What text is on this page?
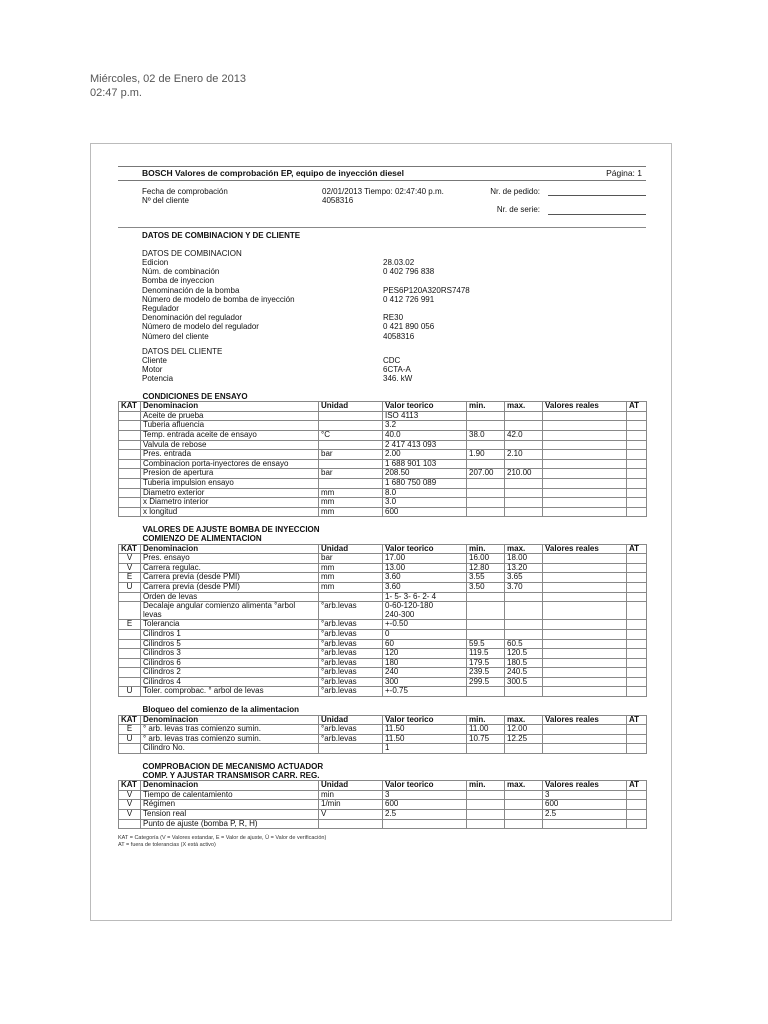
Miércoles, 02 de Enero de 2013
02:47 p.m.
BOSCH Valores de comprobación EP, equipo de inyección diesel	Página: 1
Fecha de comprobación
Nº del cliente
02/01/2013 Tiempo: 02:47:40 p.m.
4058316
Nr. de pedido:
Nr. de serie:
DATOS DE COMBINACION Y DE CLIENTE
DATOS DE COMBINACION
Edicion	28.03.02
Núm. de combinación	0 402 796 838
Bomba de inyeccion
Denominación de la bomba	PES6P120A320RS7478
Número de modelo de bomba de inyección	0 412 726 991
Regulador
Denominación del regulador	RE30
Número de modelo del regulador	0 421 890 056
Número del cliente	4058316
DATOS DEL CLIENTE
Cliente	CDC
Motor	6CTA-A
Potencia	346. kW
CONDICIONES DE ENSAYO							
KAT	Denominacion	Unidad	Valor teorico	min.	max.	Valores reales	AT
	Aceite de prueba		ISO 4113				
	Tuberia afluencia		3.2				
	Temp. entrada aceite de ensayo	°C	40.0	38.0	42.0		
	Valvula de rebose		2 417 413 093				
	Pres. entrada	bar	2.00	1.90	2.10		
	Combinacion porta-inyectores de ensayo		1 688 901 103				
	Presion de apertura	bar	208.50	207.00	210.00		
	Tuberia impulsion ensayo		1 680 750 089				
	Diametro exterior	mm	8.0				
	x Diametro interior	mm	3.0				
	x longitud	mm	600				
VALORES DE AJUSTE BOMBA DE INYECCION
COMIENZO DE ALIMENTACION							
KAT	Denominacion	Unidad	Valor teorico	min.	max.	Valores reales	AT
V	Pres. ensayo	bar	17.00	16.00	18.00		
V	Carrera regulac.	mm	13.00	12.80	13.20		
E	Carrera previa (desde PMI)	mm	3.60	3.55	3.65		
Ü	Carrera previa (desde PMI)	mm	3.60	3.50	3.70		
	Orden de levas		1- 5- 3- 6- 2- 4				
	Decalaje angular comienzo alimenta °arbol levas	°arb.levas	0-60-120-180
240-300				
E	Tolerancia	°arb.levas	+-0.50				
	Cilindros 1	°arb.levas	0				
	Cilindros 5	°arb.levas	60	59.5	60.5		
	Cilindros 3	°arb.levas	120	119.5	120.5		
	Cilindros 6	°arb.levas	180	179.5	180.5		
	Cilindros 2	°arb.levas	240	239.5	240.5		
	Cilindros 4	°arb.levas	300	299.5	300.5		
Ü	Toler. comprobac. ° arbol de levas	°arb.levas	+-0.75				
Bloqueo del comienzo de la alimentacion							
KAT	Denominacion	Unidad	Valor teorico	min.	max.	Valores reales	AT
E	° arb. levas tras comienzo sumin.	°arb.levas	11.50	11.00	12.00		
Ü	° arb. levas tras comienzo sumin.	°arb.levas	11.50	10.75	12.25		
	Cilindro No.		1				
COMPROBACION DE MECANISMO ACTUADOR
COMP. Y AJUSTAR TRANSMISOR CARR. REG.							
KAT	Denominacion	Unidad	Valor teorico	min.	max.	Valores reales	AT
V	Tiempo de calentamiento	min	3			3	
V	Régimen	1/min	600			600	
V	Tension real	V	2.5			2.5	
	Punto de ajuste (bomba P, R, H)						
KAT = Categoría (V = Valores estandar, E = Valor de ajuste, Ü = Valor de verificación)
AT = fuera de tolerancias (X está activo)
